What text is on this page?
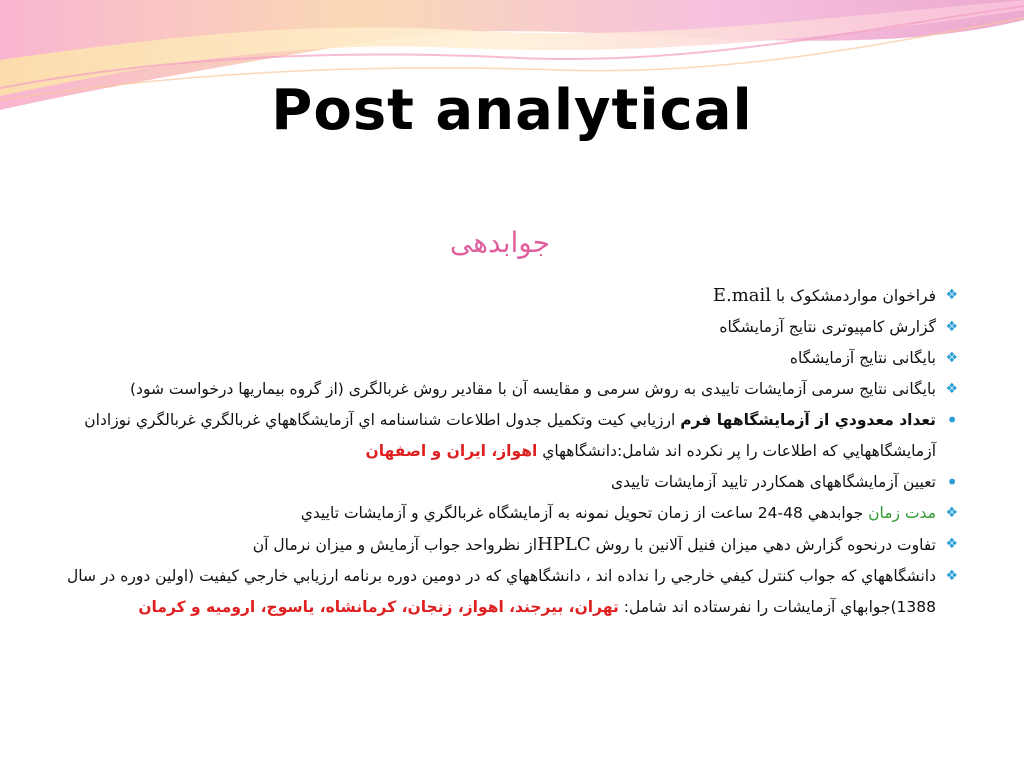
Post analytical
جوابدهی
❖
فراخوان مواردمشکوک با E.mail
❖
گزارش کامپیوتری نتایج آزمایشگاه
❖
بایگانی نتایج آزمایشگاه
❖
بایگانی نتایج سرمی آزمایشات تاییدی به روش سرمی و مقایسه آن با مقادیر روش غربالگری (از گروه بیماریها درخواست شود)
•
تعداد معدودي از آزمايشگاهها فرم ارزيابي کيت وتکميل جدول اطلاعات شناسنامه اي آزمايشگاههاي غربالگري غربالگري نوزادان آزمايشگاههايي که اطلاعات را پر نکرده اند شامل:دانشگاههاي اهواز، ايران و اصفهان
•
تعيين آزمايشگاههای همکاردر تاييد آزمايشات تاييدی
❖
مدت زمان جوابدهي 48-24 ساعت از زمان تحويل نمونه به آزمايشگاه غربالگري و آزمايشات تاييدي
❖
تفاوت درنحوه گزارش دهي ميزان فنيل آلانين با روش HPLCاز نظرواحد جواب آزمايش و ميزان نرمال آن
❖
دانشگاههاي که جواب کنترل کيفي خارجي را نداده اند ، دانشگاههاي که در دومين دوره برنامه ارزيابي خارجي کيفيت (اولين دوره در سال 1388)جوابهاي آزمايشات را نفرستاده اند شامل: تهران، بيرجند، اهواز، زنجان، کرمانشاه، ياسوج، اروميه و کرمان
